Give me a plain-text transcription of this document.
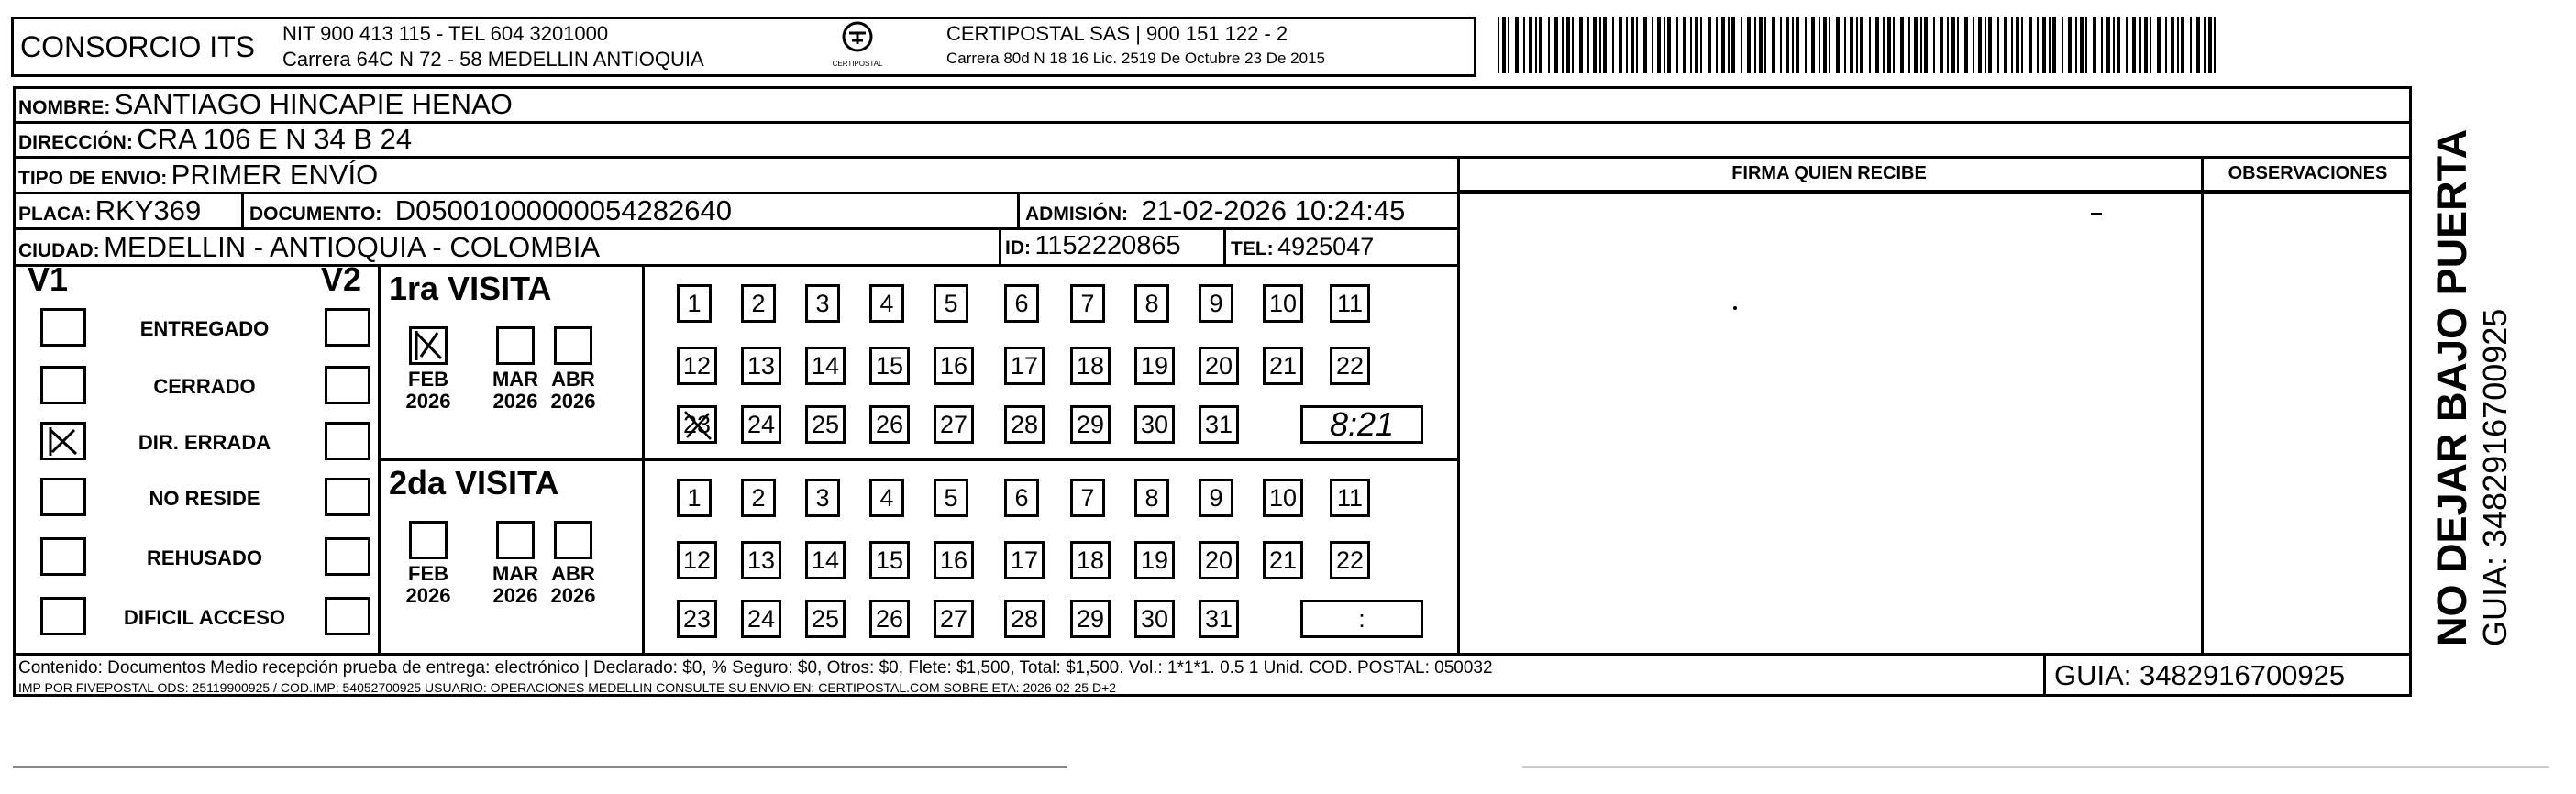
CONSORCIO ITS NIT 900 413 115 - TEL 604 3201000
Carrera 64C N 72 - 58 MEDELLIN ANTIOQUIA	CERTIPOSTAL
CERTIPOSTAL SAS | 900 151 122 - 2
Carrera 80d N 18 16 Lic. 2519 De Octubre 23 De 2015
NOMBRE: SANTIAGO HINCAPIE HENAO
DIRECCIÓN: CRA 106 E N 34 B 24
TIPO DE ENVIO: PRIMER ENVÍO
PLACA: RKY369	DOCUMENTO: D05001000000054282640	ADMISIÓN: 21-02-2026 10:24:45
CIUDAD: MEDELLIN - ANTIOQUIA - COLOMBIA	ID: 1152220865	TEL: 4925047
FIRMA QUIEN RECIBE	OBSERVACIONES
V1	V2
ENTREGADO
CERRADO
DIR. ERRADA
NO RESIDE
REHUSADO
DIFICIL ACCESO
1ra VISITA
FEB
2026
MAR
2026
ABR
2026
1	2	3	4	5	6	7	8	9	10 11
12 13 14 15 16 17 18 19 20 21 22
23 24 25 26 27 28 29 30 31	8:21
2da VISITA
FEB
2026
MAR
2026
ABR
2026
1	2	3	4	5	6	7	8	9	10 11
12 13 14 15 16 17 18 19 20 21 22
23 24 25 26 27 28 29 30 31	:
Contenido: Documentos Medio recepción prueba de entrega: electrónico | Declarado: $0, % Seguro: $0, Otros: $0, Flete: $1,500, Total: $1,500. Vol.: 1*1*1. 0.5 1 Unid. COD. POSTAL: 050032
IMP POR FIVEPOSTAL ODS: 25119900925 / COD.IMP: 54052700925 USUARIO: OPERACIONES MEDELLIN CONSULTE SU ENVIO EN: CERTIPOSTAL.COM SOBRE ETA: 2026-02-25 D+2	GUIA: 3482916700925
NO DEJAR BAJO PUERTA GUIA: 3482916700925
